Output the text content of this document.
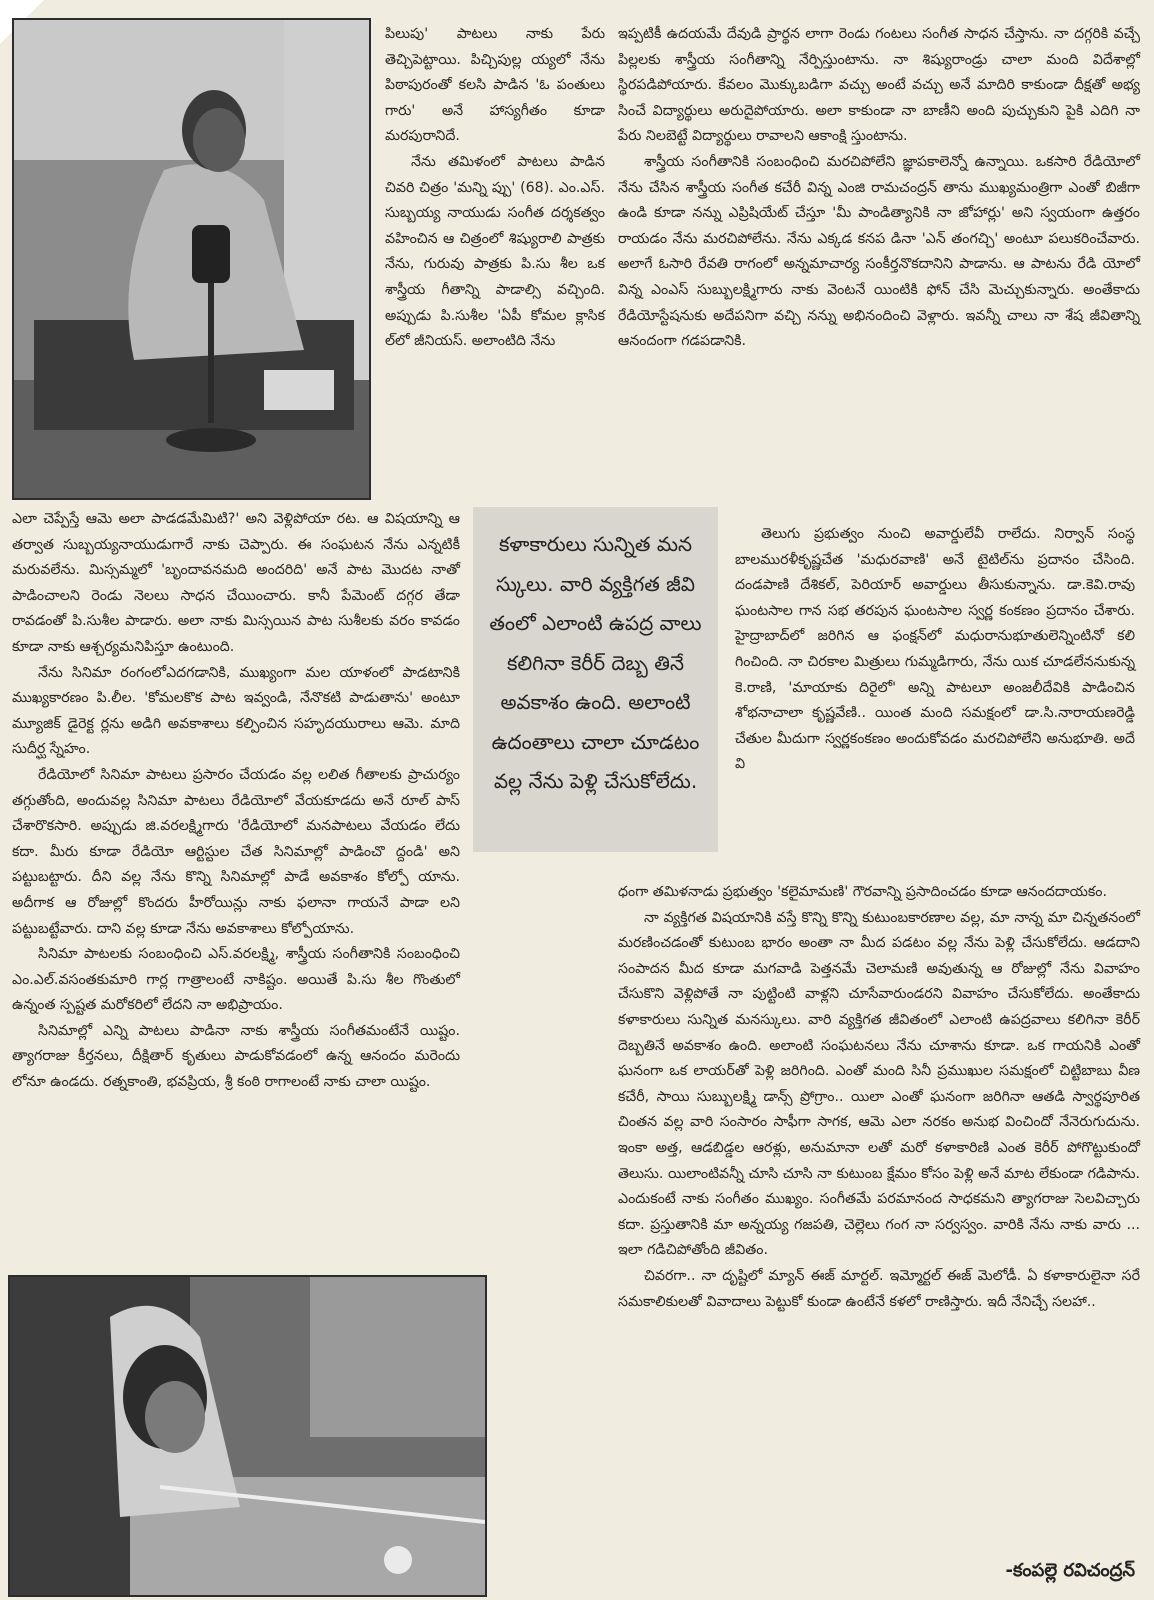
పిలుపు' పాటలు నాకు పేరు తెచ్చిపెట్టాయి. పిచ్చిపుల్ల య్యలో నేను పిఠాపురంతో కలసి పాడిన 'ఓ పంతులు గారు' అనే హాస్యగీతం కూడా మరపురానిదే.

నేను తమిళంలో పాటలు పాడిన చివరి చిత్రం 'మన్ని ప్పు' (68). ఎం.ఎస్. సుబ్బయ్య నాయుడు సంగీత దర్శకత్వం వహించిన ఆ చిత్రంలో శిష్యురాలి పాత్రకు నేను, గురువు పాత్రకు పి.సు శీల ఒక శాస్త్రీయ గీతాన్ని పాడాల్సి వచ్చింది. అప్పుడు పి.సుశీల 'ఏపీ కోమల క్లాసిక ల్‌లో జీనియస్. అలాంటిది నేను

ఎలా చెప్పేస్తే ఆమె అలా పాడడమేమిటి?' అని వెళ్లిపోయా రట. ఆ విషయాన్ని ఆ తర్వాత సుబ్బయ్యనాయుడుగారే నాకు చెప్పారు. ఈ సంఘటన నేను ఎన్నటికీ మరువలేను. మిస్సమ్మలో 'బృందావనమది అందరిది' అనే పాట మొదట నాతో పాడించాలని రెండు నెలలు సాధన చేయించారు. కానీ పేమెంట్ దగ్గర తేడా రావడంతో పి.సుశీల పాడారు. అలా నాకు మిస్సయిన పాట సుశీలకు వరం కావడం కూడా నాకు ఆశ్చర్యమనిపిస్తూ ఉంటుంది.

నేను సినిమా రంగంలోఎదగడానికి, ముఖ్యంగా మల యాళంలో పాడటానికి ముఖ్యకారణం పి.లీల. 'కోమలకొక పాట ఇవ్వండి, నేనొకటి పాడుతాను' అంటూ మ్యూజిక్ డైరెక్ట ర్లను అడిగి అవకాశాలు కల్పించిన సహృదయురాలు ఆమె. మాది సుదీర్ఘ స్నేహం.

రేడియోలో సినిమా పాటలు ప్రసారం చేయడం వల్ల లలిత గీతాలకు ప్రాచుర్యం తగ్గుతోంది, అందువల్ల సినిమా పాటలు రేడియోలో వేయకూడదు అనే రూల్ పాస్ చేశారొకసారి. అప్పుడు జి.వరలక్ష్మిగారు 'రేడియోలో మనపాటలు వేయడం లేదు కదా. మీరు కూడా రేడియో ఆర్టిస్టుల చేత సినిమాల్లో పాడించొ ద్దండి' అని పట్టుబట్టారు. దీని వల్ల నేను కొన్ని సినిమాల్లో పాడే అవకాశం కోల్పో యాను. అదీగాక ఆ రోజుల్లో కొందరు హీరోయిన్లు నాకు ఫలానా గాయనే పాడా లని పట్టుబట్టేవారు. దాని వల్ల కూడా నేను అవకాశాలు కోల్పోయాను.

సినిమా పాటలకు సంబంధించి ఎస్.వరలక్ష్మి, శాస్త్రీయ సంగీతానికి సంబంధించి ఎం.ఎల్.వసంతకుమారి గార్ల గాత్రాలంటే నాకిష్టం. అయితే పి.సు శీల గొంతులో ఉన్నంత స్పష్టత మరోకరిలో లేదని నా అభిప్రాయం.

సినిమాల్లో ఎన్ని పాటలు పాడినా నాకు శాస్త్రీయ సంగీతమంటేనే యిష్టం. త్యాగరాజు కీర్తనలు, దీక్షితార్ కృతులు పాడుకోవడంలో ఉన్న ఆనందం మరెందు లోనూ ఉండదు. రత్నకాంతి, భవప్రియ, శ్రీ కంఠి రాగాలంటే నాకు చాలా యిష్టం.

ఇప్పటికీ ఉదయమే దేవుడి ప్రార్థన లాగా రెండు గంటలు సంగీత సాధన చేస్తాను. నా దగ్గరికి వచ్చే పిల్లలకు శాస్త్రీయ సంగీతాన్ని నేర్పిస్తుంటాను. నా శిష్యురాండ్రు చాలా మంది విదేశాల్లో స్థిరపడిపోయారు. కేవలం మొక్కుబడిగా వచ్చు అంటే వచ్చు అనే మాదిరి కాకుండా దీక్షతో అభ్య సించే విద్యార్థులు అరుదైపోయారు. అలా కాకుండా నా బాణీని అంది పుచ్చుకుని పైకి ఎదిగి నా పేరు నిలబెట్టే విద్యార్థులు రావాలని ఆకాంక్షి స్తుంటాను.

శాస్త్రీయ సంగీతానికి సంబంధించి మరచిపోలేని జ్ఞాపకాలెన్నో ఉన్నాయి. ఒకసారి రేడియోలో నేను చేసిన శాస్త్రీయ సంగీత కచేరీ విన్న ఎంజి రామచంద్రన్ తాను ముఖ్యమంత్రిగా ఎంతో బిజీగా ఉండి కూడా నన్ను ఎప్రిషియేట్ చేస్తూ 'మీ పాండిత్యానికి నా జోహార్లు' అని స్వయంగా ఉత్తరం రాయడం నేను మరచిపోలేను. నేను ఎక్కడ కనప డినా 'ఎన్ తంగచ్చి' అంటూ పలుకరించేవారు. అలాగే ఓసారి రేవతి రాగంలో అన్నమాచార్య సంకీర్తనొకదానిని పాడాను. ఆ పాటను రేడి యోలో విన్న ఎంఎస్ సుబ్బులక్ష్మిగారు నాకు వెంటనే యింటికి ఫోన్ చేసి మెచ్చుకున్నారు. అంతేకాదు రేడియోస్టేషనుకు అదేపనిగా వచ్చి నన్ను అభినందించి వెళ్లారు. ఇవన్నీ చాలు నా శేష జీవితాన్ని ఆనందంగా గడపడానికి.

కళాకారులు సున్నిత మన స్కులు. వారి వ్యక్తిగత జీవి తంలో ఎలాంటి ఉపద్ర వాలు కలిగినా కెరీర్ దెబ్బ తినే అవకాశం ఉంది. అలాంటి ఉదంతాలు చాలా చూడటం వల్ల నేను పెళ్లి చేసుకోలేదు.

తెలుగు ప్రభుత్వం నుంచి అవార్డులేవీ రాలేదు. నిర్వాన్ సంస్థ బాలమురళీకృష్ణచేత 'మధురవాణి' అనే టైటిల్‌ను ప్రదానం చేసింది. దండపాణి దేశికల్, పెరియార్ అవార్డులు తీసుకున్నాను. డా.కెవి.రావు ఘంటసాల గాన సభ తరపున ఘంటసాల స్వర్ణ కంకణం ప్రదానం చేశారు. హైద్రాబాద్‌లో జరిగిన ఆ ఫంక్షన్‌లో మధురానుభూతులెన్నింటినో కలి గించింది. నా చిరకాల మిత్రులు గుమ్మడిగారు, నేను యిక చూడలేననుకున్న కె.రాణి, 'మాయాకు దిరైలో' అన్ని పాటలూ అంజలీదేవికి పాడించిన శోభనాచాలా కృష్ణవేణి.. యింత మంది సమక్షంలో డా.సి.నారాయణరెడ్డి చేతుల మీదుగా స్వర్ణకంకణం అందుకోవడం మరచిపోలేని అనుభూతి. అదే వి

ధంగా తమిళనాడు ప్రభుత్వం 'కలైమామణి' గౌరవాన్ని ప్రసాదించడం కూడా ఆనందదాయకం.

నా వ్యక్తిగత విషయానికి వస్తే కొన్ని కొన్ని కుటుంబకారణాల వల్ల, మా నాన్న మా చిన్నతనంలో మరణించడంతో కుటుంబ భారం అంతా నా మీద పడటం వల్ల నేను పెళ్లి చేసుకోలేదు. ఆడదాని సంపాదన మీద కూడా మగవాడి పెత్తనమే చెలామణి అవుతున్న ఆ రోజుల్లో నేను వివాహం చేసుకొని వెళ్లిపోతే నా పుట్టింటి వాళ్లని చూసేవారుండరని వివాహం చేసుకోలేదు. అంతేకాదు కళాకారులు సున్నిత మనస్కులు. వారి వ్యక్తిగత జీవితంలో ఎలాంటి ఉపద్రవాలు కలిగినా కెరీర్ దెబ్బతినే అవకాశం ఉంది. అలాంటి సంఘటనలు నేను చూశాను కూడా. ఒక గాయనికి ఎంతో ఘనంగా ఒక లాయర్‌తో పెళ్లి జరిగింది. ఎంతో మంది సినీ ప్రముఖుల సమక్షంలో చిట్టిబాబు వీణ కచేరీ, సాయి సుబ్బులక్ష్మి డాన్స్ ప్రోగ్రాం.. యిలా ఎంతో ఘనంగా జరిగినా ఆతడి స్వార్థపూరిత చింతన వల్ల వారి సంసారం సాఫీగా సాగక, ఆమె ఎలా నరకం అనుభ వించిందో నేనెరుగుదును. ఇంకా అత్త, ఆడబిడ్డల ఆరళ్లు, అనుమానా లతో మరో కళాకారిణి ఎంత కెరీర్ పోగొట్టుకుందో తెలుసు. యిలాంటివన్నీ చూసి చూసి నా కుటుంబ క్షేమం కోసం పెళ్లి అనే మాట లేకుండా గడిపాను. ఎందుకంటే నాకు సంగీతం ముఖ్యం. సంగీతమే పరమానంద సాధకమని త్యాగరాజు సెలవిచ్చారు కదా. ప్రస్తుతానికి మా అన్నయ్య గజపతి, చెల్లెలు గంగ నా సర్వస్వం. వారికి నేను నాకు వారు ... ఇలా గడిచిపోతోంది జీవితం.

చివరగా.. నా దృష్టిలో మ్యాన్ ఈజ్ మార్టల్. ఇమ్మోర్టల్ ఈజ్ మెలోడీ. ఏ కళాకారులైనా సరే సమకాలికులతో వివాదాలు పెట్టుకో కుండా ఉంటేనే కళలో రాణిస్తారు. ఇదీ నేనిచ్చే సలహా..

-కంపల్లె రవిచంద్రన్
